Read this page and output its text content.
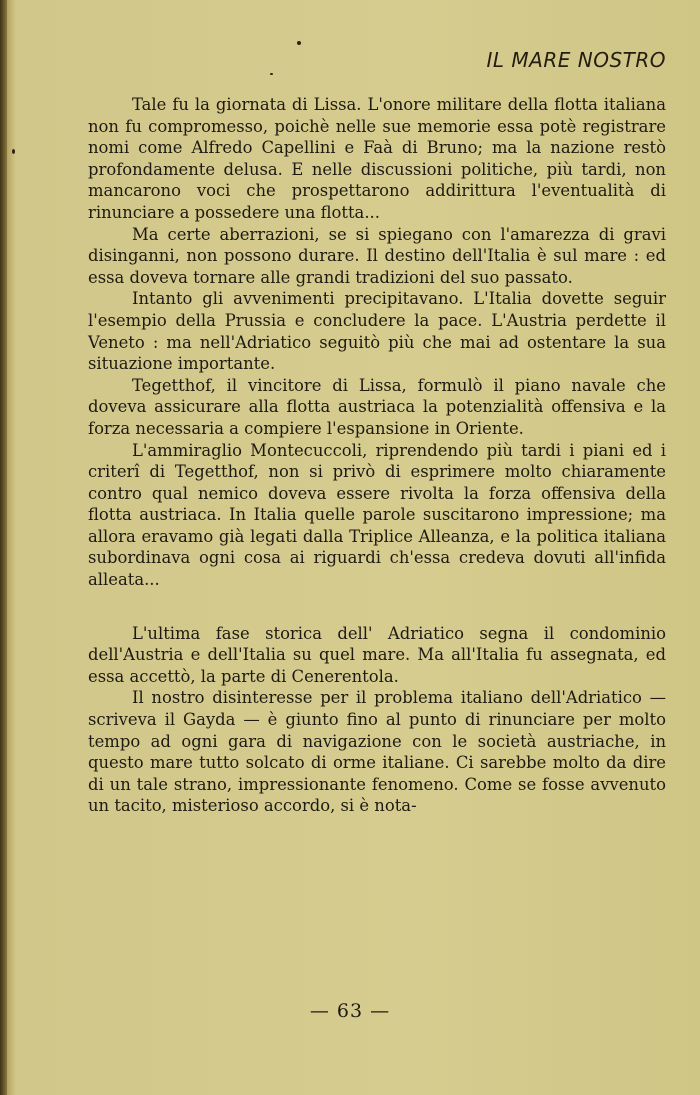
IL MARE NOSTRO

Tale fu la giornata di Lissa. L'onore militare della flotta italiana non fu compromesso, poichè nelle sue memorie essa potè registrare nomi come Alfredo Capellini e Faà di Bruno; ma la nazione restò profondamente delusa. E nelle discussioni politiche, più tardi, non mancarono voci che prospettarono addirittura l'eventualità di rinunciare a possedere una flotta...

Ma certe aberrazioni, se si spiegano con l'amarezza di gravi disinganni, non possono durare. Il destino dell'Italia è sul mare : ed essa doveva tornare alle grandi tradizioni del suo passato.

Intanto gli avvenimenti precipitavano. L'Italia dovette seguir l'esempio della Prussia e concludere la pace. L'Austria perdette il Veneto : ma nell'Adriatico seguitò più che mai ad ostentare la sua situazione importante.

Tegetthof, il vincitore di Lissa, formulò il piano navale che doveva assicurare alla flotta austriaca la potenzialità offensiva e la forza necessaria a compiere l'espansione in Oriente.

L'ammiraglio Montecuccoli, riprendendo più tardi i piani ed i criterî di Tegetthof, non si privò di esprimere molto chiaramente contro qual nemico doveva essere rivolta la forza offensiva della flotta austriaca. In Italia quelle parole suscitarono impressione; ma allora eravamo già legati dalla Triplice Alleanza, e la politica italiana subordinava ogni cosa ai riguardi ch'essa credeva dovuti all'infida alleata...

L'ultima fase storica dell' Adriatico segna il condominio dell'Austria e dell'Italia su quel mare. Ma all'Italia fu assegnata, ed essa accettò, la parte di Cenerentola.

Il nostro disinteresse per il problema italiano dell'Adriatico — scriveva il Gayda — è giunto fino al punto di rinunciare per molto tempo ad ogni gara di navigazione con le società austriache, in questo mare tutto solcato di orme italiane. Ci sarebbe molto da dire di un tale strano, impressionante fenomeno. Come se fosse avvenuto un tacito, misterioso accordo, si è nota-

— 63 —
